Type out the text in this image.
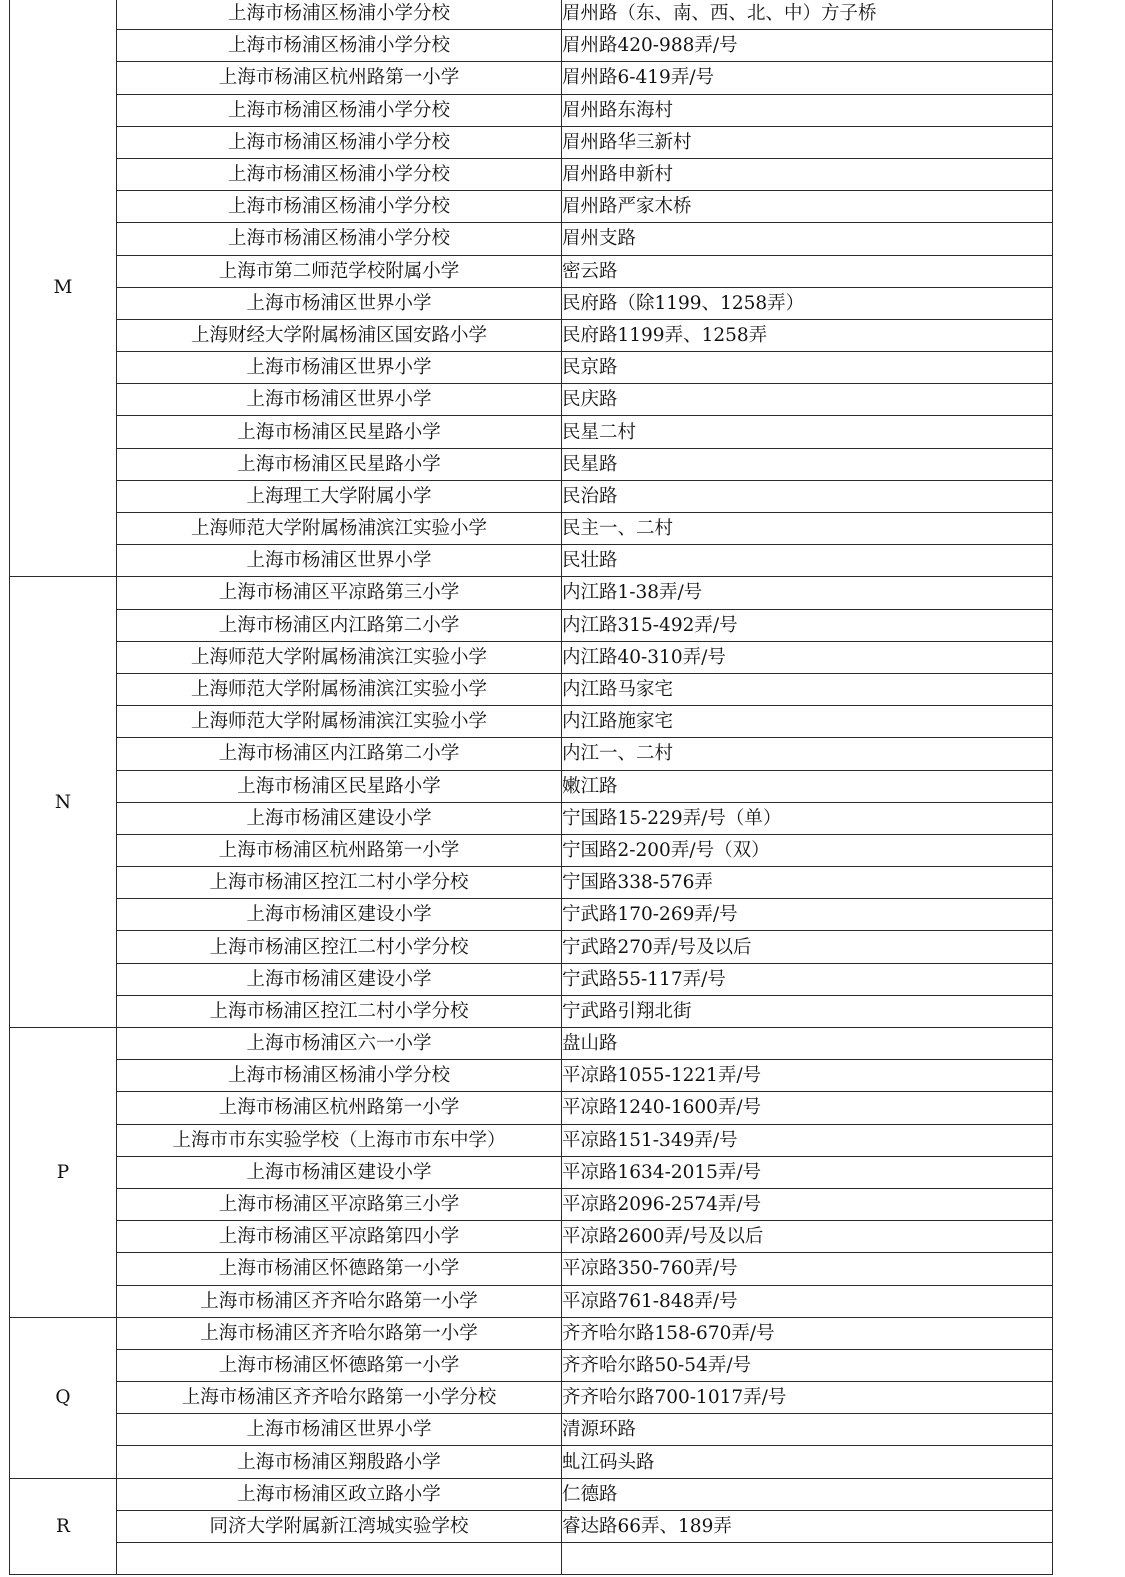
M	上海市杨浦区杨浦小学分校	眉州路（东、南、西、北、中）方子桥
	上海市杨浦区杨浦小学分校	眉州路420-988弄/号
	上海市杨浦区杭州路第一小学	眉州路6-419弄/号
	上海市杨浦区杨浦小学分校	眉州路东海村
	上海市杨浦区杨浦小学分校	眉州路华三新村
	上海市杨浦区杨浦小学分校	眉州路申新村
	上海市杨浦区杨浦小学分校	眉州路严家木桥
	上海市杨浦区杨浦小学分校	眉州支路
	上海市第二师范学校附属小学	密云路
	上海市杨浦区世界小学	民府路（除1199、1258弄）
	上海财经大学附属杨浦区国安路小学	民府路1199弄、1258弄
	上海市杨浦区世界小学	民京路
	上海市杨浦区世界小学	民庆路
	上海市杨浦区民星路小学	民星二村
	上海市杨浦区民星路小学	民星路
	上海理工大学附属小学	民治路
	上海师范大学附属杨浦滨江实验小学	民主一、二村
	上海市杨浦区世界小学	民壮路
N	上海市杨浦区平凉路第三小学	内江路1-38弄/号
	上海市杨浦区内江路第二小学	内江路315-492弄/号
	上海师范大学附属杨浦滨江实验小学	内江路40-310弄/号
	上海师范大学附属杨浦滨江实验小学	内江路马家宅
	上海师范大学附属杨浦滨江实验小学	内江路施家宅
	上海市杨浦区内江路第二小学	内江一、二村
	上海市杨浦区民星路小学	嫩江路
	上海市杨浦区建设小学	宁国路15-229弄/号（单）
	上海市杨浦区杭州路第一小学	宁国路2-200弄/号（双）
	上海市杨浦区控江二村小学分校	宁国路338-576弄
	上海市杨浦区建设小学	宁武路170-269弄/号
	上海市杨浦区控江二村小学分校	宁武路270弄/号及以后
	上海市杨浦区建设小学	宁武路55-117弄/号
	上海市杨浦区控江二村小学分校	宁武路引翔北街
P	上海市杨浦区六一小学	盘山路
	上海市杨浦区杨浦小学分校	平凉路1055-1221弄/号
	上海市杨浦区杭州路第一小学	平凉路1240-1600弄/号
	上海市市东实验学校（上海市市东中学）	平凉路151-349弄/号
	上海市杨浦区建设小学	平凉路1634-2015弄/号
	上海市杨浦区平凉路第三小学	平凉路2096-2574弄/号
	上海市杨浦区平凉路第四小学	平凉路2600弄/号及以后
	上海市杨浦区怀德路第一小学	平凉路350-760弄/号
	上海市杨浦区齐齐哈尔路第一小学	平凉路761-848弄/号
Q	上海市杨浦区齐齐哈尔路第一小学	齐齐哈尔路158-670弄/号
	上海市杨浦区怀德路第一小学	齐齐哈尔路50-54弄/号
	上海市杨浦区齐齐哈尔路第一小学分校	齐齐哈尔路700-1017弄/号
	上海市杨浦区世界小学	清源环路
	上海市杨浦区翔殷路小学	虬江码头路
R	上海市杨浦区政立路小学	仁德路
	同济大学附属新江湾城实验学校	睿达路66弄、189弄
